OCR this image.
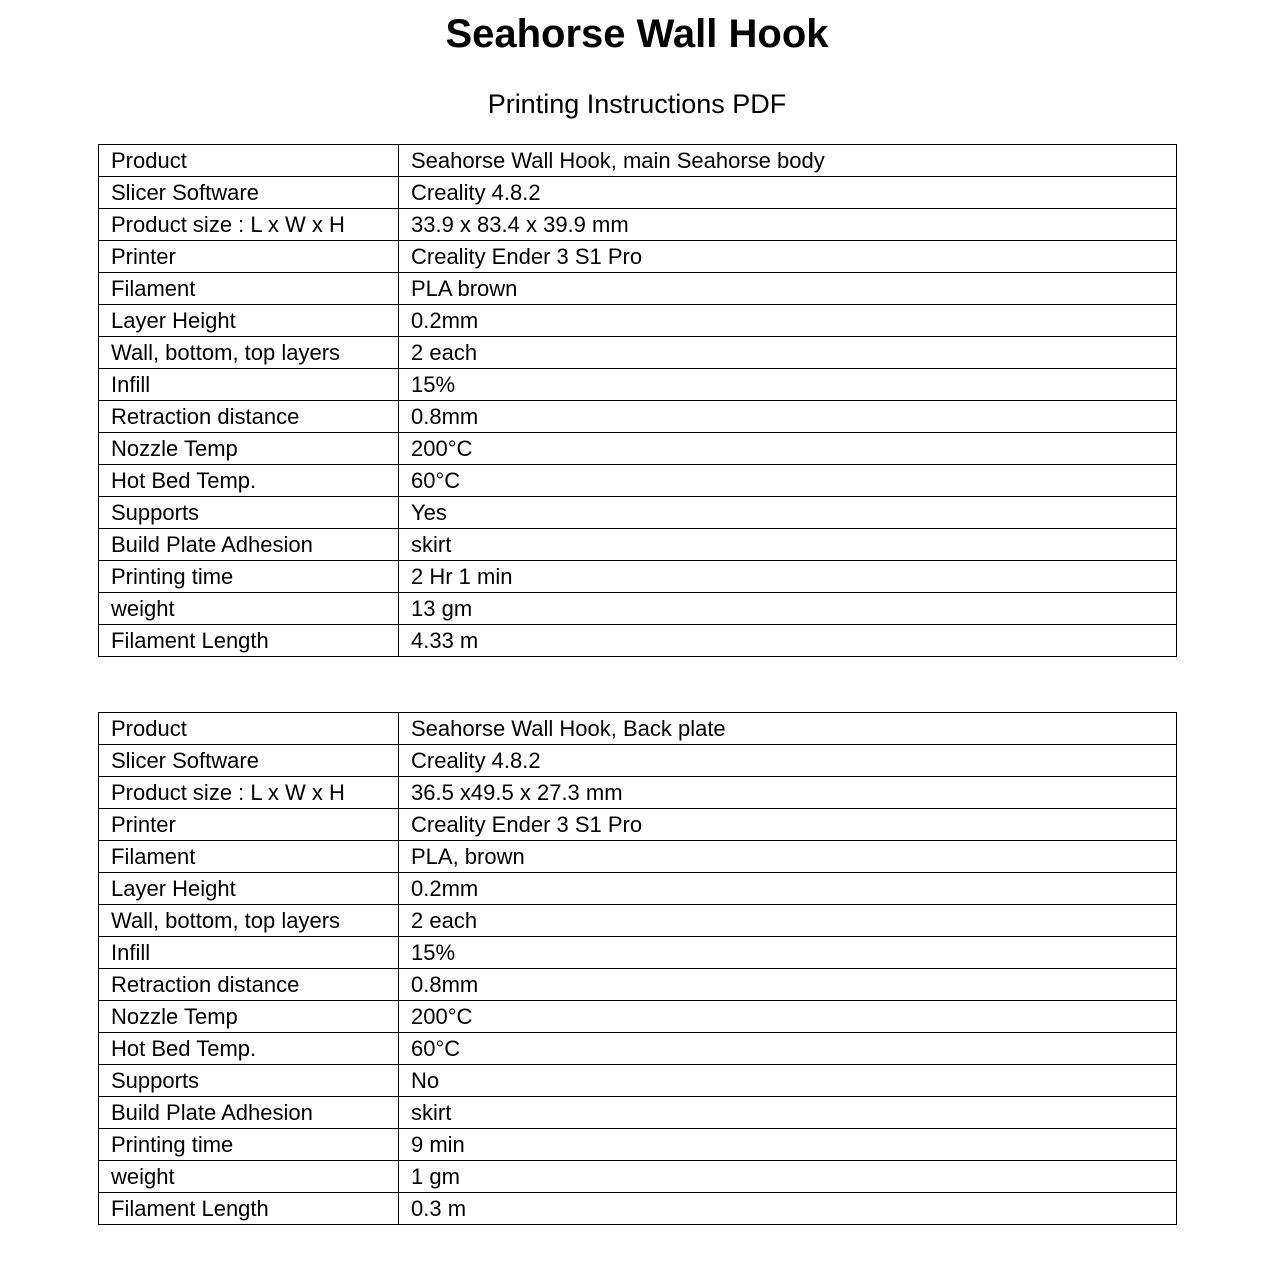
Seahorse Wall Hook
Printing Instructions PDF
Product	Seahorse Wall Hook, main Seahorse body
Slicer Software	Creality 4.8.2
Product size : L x W x H	33.9 x 83.4 x 39.9 mm
Printer	Creality Ender 3 S1 Pro
Filament	PLA brown
Layer Height	0.2mm
Wall, bottom, top layers	2 each
Infill	15%
Retraction distance	0.8mm
Nozzle Temp	200°C
Hot Bed Temp.	60°C
Supports	Yes
Build Plate Adhesion	skirt
Printing time	2 Hr 1 min
weight	13 gm
Filament Length	4.33 m
Product	Seahorse Wall Hook, Back plate
Slicer Software	Creality 4.8.2
Product size : L x W x H	36.5 x49.5 x 27.3 mm
Printer	Creality Ender 3 S1 Pro
Filament	PLA, brown
Layer Height	0.2mm
Wall, bottom, top layers	2 each
Infill	15%
Retraction distance	0.8mm
Nozzle Temp	200°C
Hot Bed Temp.	60°C
Supports	No
Build Plate Adhesion	skirt
Printing time	9 min
weight	1 gm
Filament Length	0.3 m
